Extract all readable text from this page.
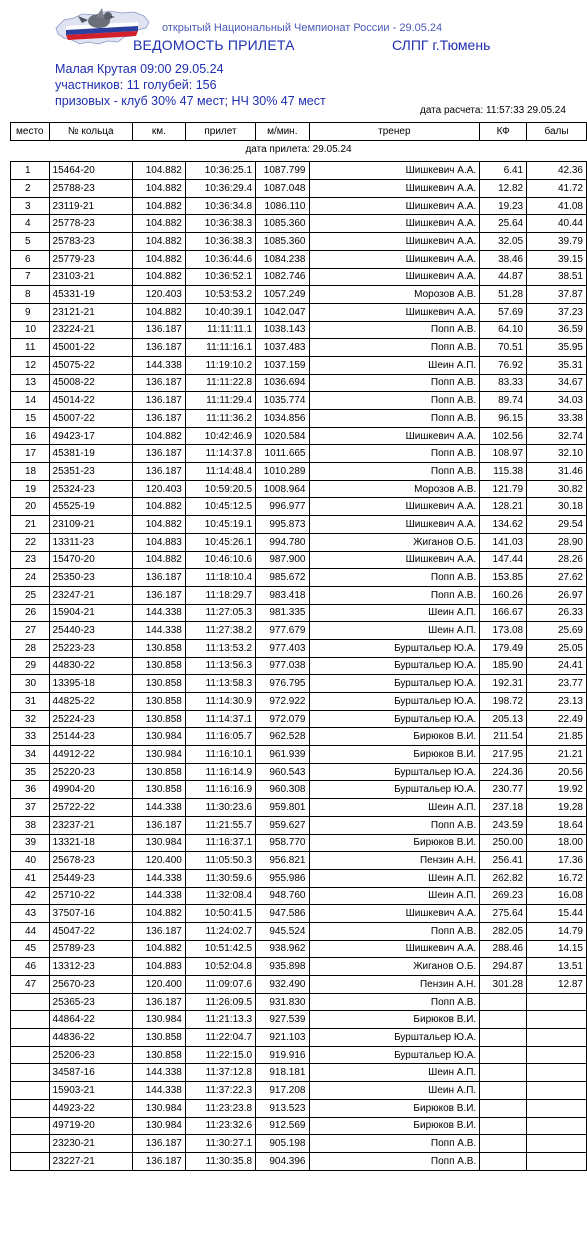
открытый Национальный Чемпионат России - 29.05.24
ВЕДОМОСТЬ ПРИЛЕТА	СЛПГ г.Тюмень
Малая Крутая 09:00 29.05.24
участников: 11 голубей: 156
призовых - клуб 30% 47 мест; НЧ 30% 47 мест
дата расчета: 11:57:33 29.05.24
место	№ кольца	км.	прилет	м/мин.	тренер	КФ	балы
дата прилета: 29.05.24							

1	15464-20	104.882	10:36:25.1	1087.799	Шишкевич А.А.	6.41	42.36
2	25788-23	104.882	10:36:29.4	1087.048	Шишкевич А.А.	12.82	41.72
3	23119-21	104.882	10:36:34.8	1086.110	Шишкевич А.А.	19.23	41.08
4	25778-23	104.882	10:36:38.3	1085.360	Шишкевич А.А.	25.64	40.44
5	25783-23	104.882	10:36:38.3	1085.360	Шишкевич А.А.	32.05	39.79
6	25779-23	104.882	10:36:44.6	1084.238	Шишкевич А.А.	38.46	39.15
7	23103-21	104.882	10:36:52.1	1082.746	Шишкевич А.А.	44.87	38.51
8	45331-19	120.403	10:53:53.2	1057.249	Морозов А.В.	51.28	37.87
9	23121-21	104.882	10:40:39.1	1042.047	Шишкевич А.А.	57.69	37.23
10	23224-21	136.187	11:11:11.1	1038.143	Попп А.В.	64.10	36.59
11	45001-22	136.187	11:11:16.1	1037.483	Попп А.В.	70.51	35.95
12	45075-22	144.338	11:19:10.2	1037.159	Шеин А.П.	76.92	35.31
13	45008-22	136.187	11:11:22.8	1036.694	Попп А.В.	83.33	34.67
14	45014-22	136.187	11:11:29.4	1035.774	Попп А.В.	89.74	34.03
15	45007-22	136.187	11:11:36.2	1034.856	Попп А.В.	96.15	33.38
16	49423-17	104.882	10:42:46.9	1020.584	Шишкевич А.А.	102.56	32.74
17	45381-19	136.187	11:14:37.8	1011.665	Попп А.В.	108.97	32.10
18	25351-23	136.187	11:14:48.4	1010.289	Попп А.В.	115.38	31.46
19	25324-23	120.403	10:59:20.5	1008.964	Морозов А.В.	121.79	30.82
20	45525-19	104.882	10:45:12.5	996.977	Шишкевич А.А.	128.21	30.18
21	23109-21	104.882	10:45:19.1	995.873	Шишкевич А.А.	134.62	29.54
22	13311-23	104.883	10:45:26.1	994.780	Жиганов О.Б.	141.03	28.90
23	15470-20	104.882	10:46:10.6	987.900	Шишкевич А.А.	147.44	28.26
24	25350-23	136.187	11:18:10.4	985.672	Попп А.В.	153.85	27.62
25	23247-21	136.187	11:18:29.7	983.418	Попп А.В.	160.26	26.97
26	15904-21	144.338	11:27:05.3	981.335	Шеин А.П.	166.67	26.33
27	25440-23	144.338	11:27:38.2	977.679	Шеин А.П.	173.08	25.69
28	25223-23	130.858	11:13:53.2	977.403	Бурштальер Ю.А.	179.49	25.05
29	44830-22	130.858	11:13:56.3	977.038	Бурштальер Ю.А.	185.90	24.41
30	13395-18	130.858	11:13:58.3	976.795	Бурштальер Ю.А.	192.31	23.77
31	44825-22	130.858	11:14:30.9	972.922	Бурштальер Ю.А.	198.72	23.13
32	25224-23	130.858	11:14:37.1	972.079	Бурштальер Ю.А.	205.13	22.49
33	25144-23	130.984	11:16:05.7	962.528	Бирюков В.И.	211.54	21.85
34	44912-22	130.984	11:16:10.1	961.939	Бирюков В.И.	217.95	21.21
35	25220-23	130.858	11:16:14.9	960.543	Бурштальер Ю.А.	224.36	20.56
36	49904-20	130.858	11:16:16.9	960.308	Бурштальер Ю.А.	230.77	19.92
37	25722-22	144.338	11:30:23.6	959.801	Шеин А.П.	237.18	19.28
38	23237-21	136.187	11:21:55.7	959.627	Попп А.В.	243.59	18.64
39	13321-18	130.984	11:16:37.1	958.770	Бирюков В.И.	250.00	18.00
40	25678-23	120.400	11:05:50.3	956.821	Пензин А.Н.	256.41	17.36
41	25449-23	144.338	11:30:59.6	955.986	Шеин А.П.	262.82	16.72
42	25710-22	144.338	11:32:08.4	948.760	Шеин А.П.	269.23	16.08
43	37507-16	104.882	10:50:41.5	947.586	Шишкевич А.А.	275.64	15.44
44	45047-22	136.187	11:24:02.7	945.524	Попп А.В.	282.05	14.79
45	25789-23	104.882	10:51:42.5	938.962	Шишкевич А.А.	288.46	14.15
46	13312-23	104.883	10:52:04.8	935.898	Жиганов О.Б.	294.87	13.51
47	25670-23	120.400	11:09:07.6	932.490	Пензин А.Н.	301.28	12.87
	25365-23	136.187	11:26:09.5	931.830	Попп А.В.		
	44864-22	130.984	11:21:13.3	927.539	Бирюков В.И.		
	44836-22	130.858	11:22:04.7	921.103	Бурштальер Ю.А.		
	25206-23	130.858	11:22:15.0	919.916	Бурштальер Ю.А.		
	34587-16	144.338	11:37:12.8	918.181	Шеин А.П.		
	15903-21	144.338	11:37:22.3	917.208	Шеин А.П.		
	44923-22	130.984	11:23:23.8	913.523	Бирюков В.И.		
	49719-20	130.984	11:23:32.6	912.569	Бирюков В.И.		
	23230-21	136.187	11:30:27.1	905.198	Попп А.В.		
	23227-21	136.187	11:30:35.8	904.396	Попп А.В.		
